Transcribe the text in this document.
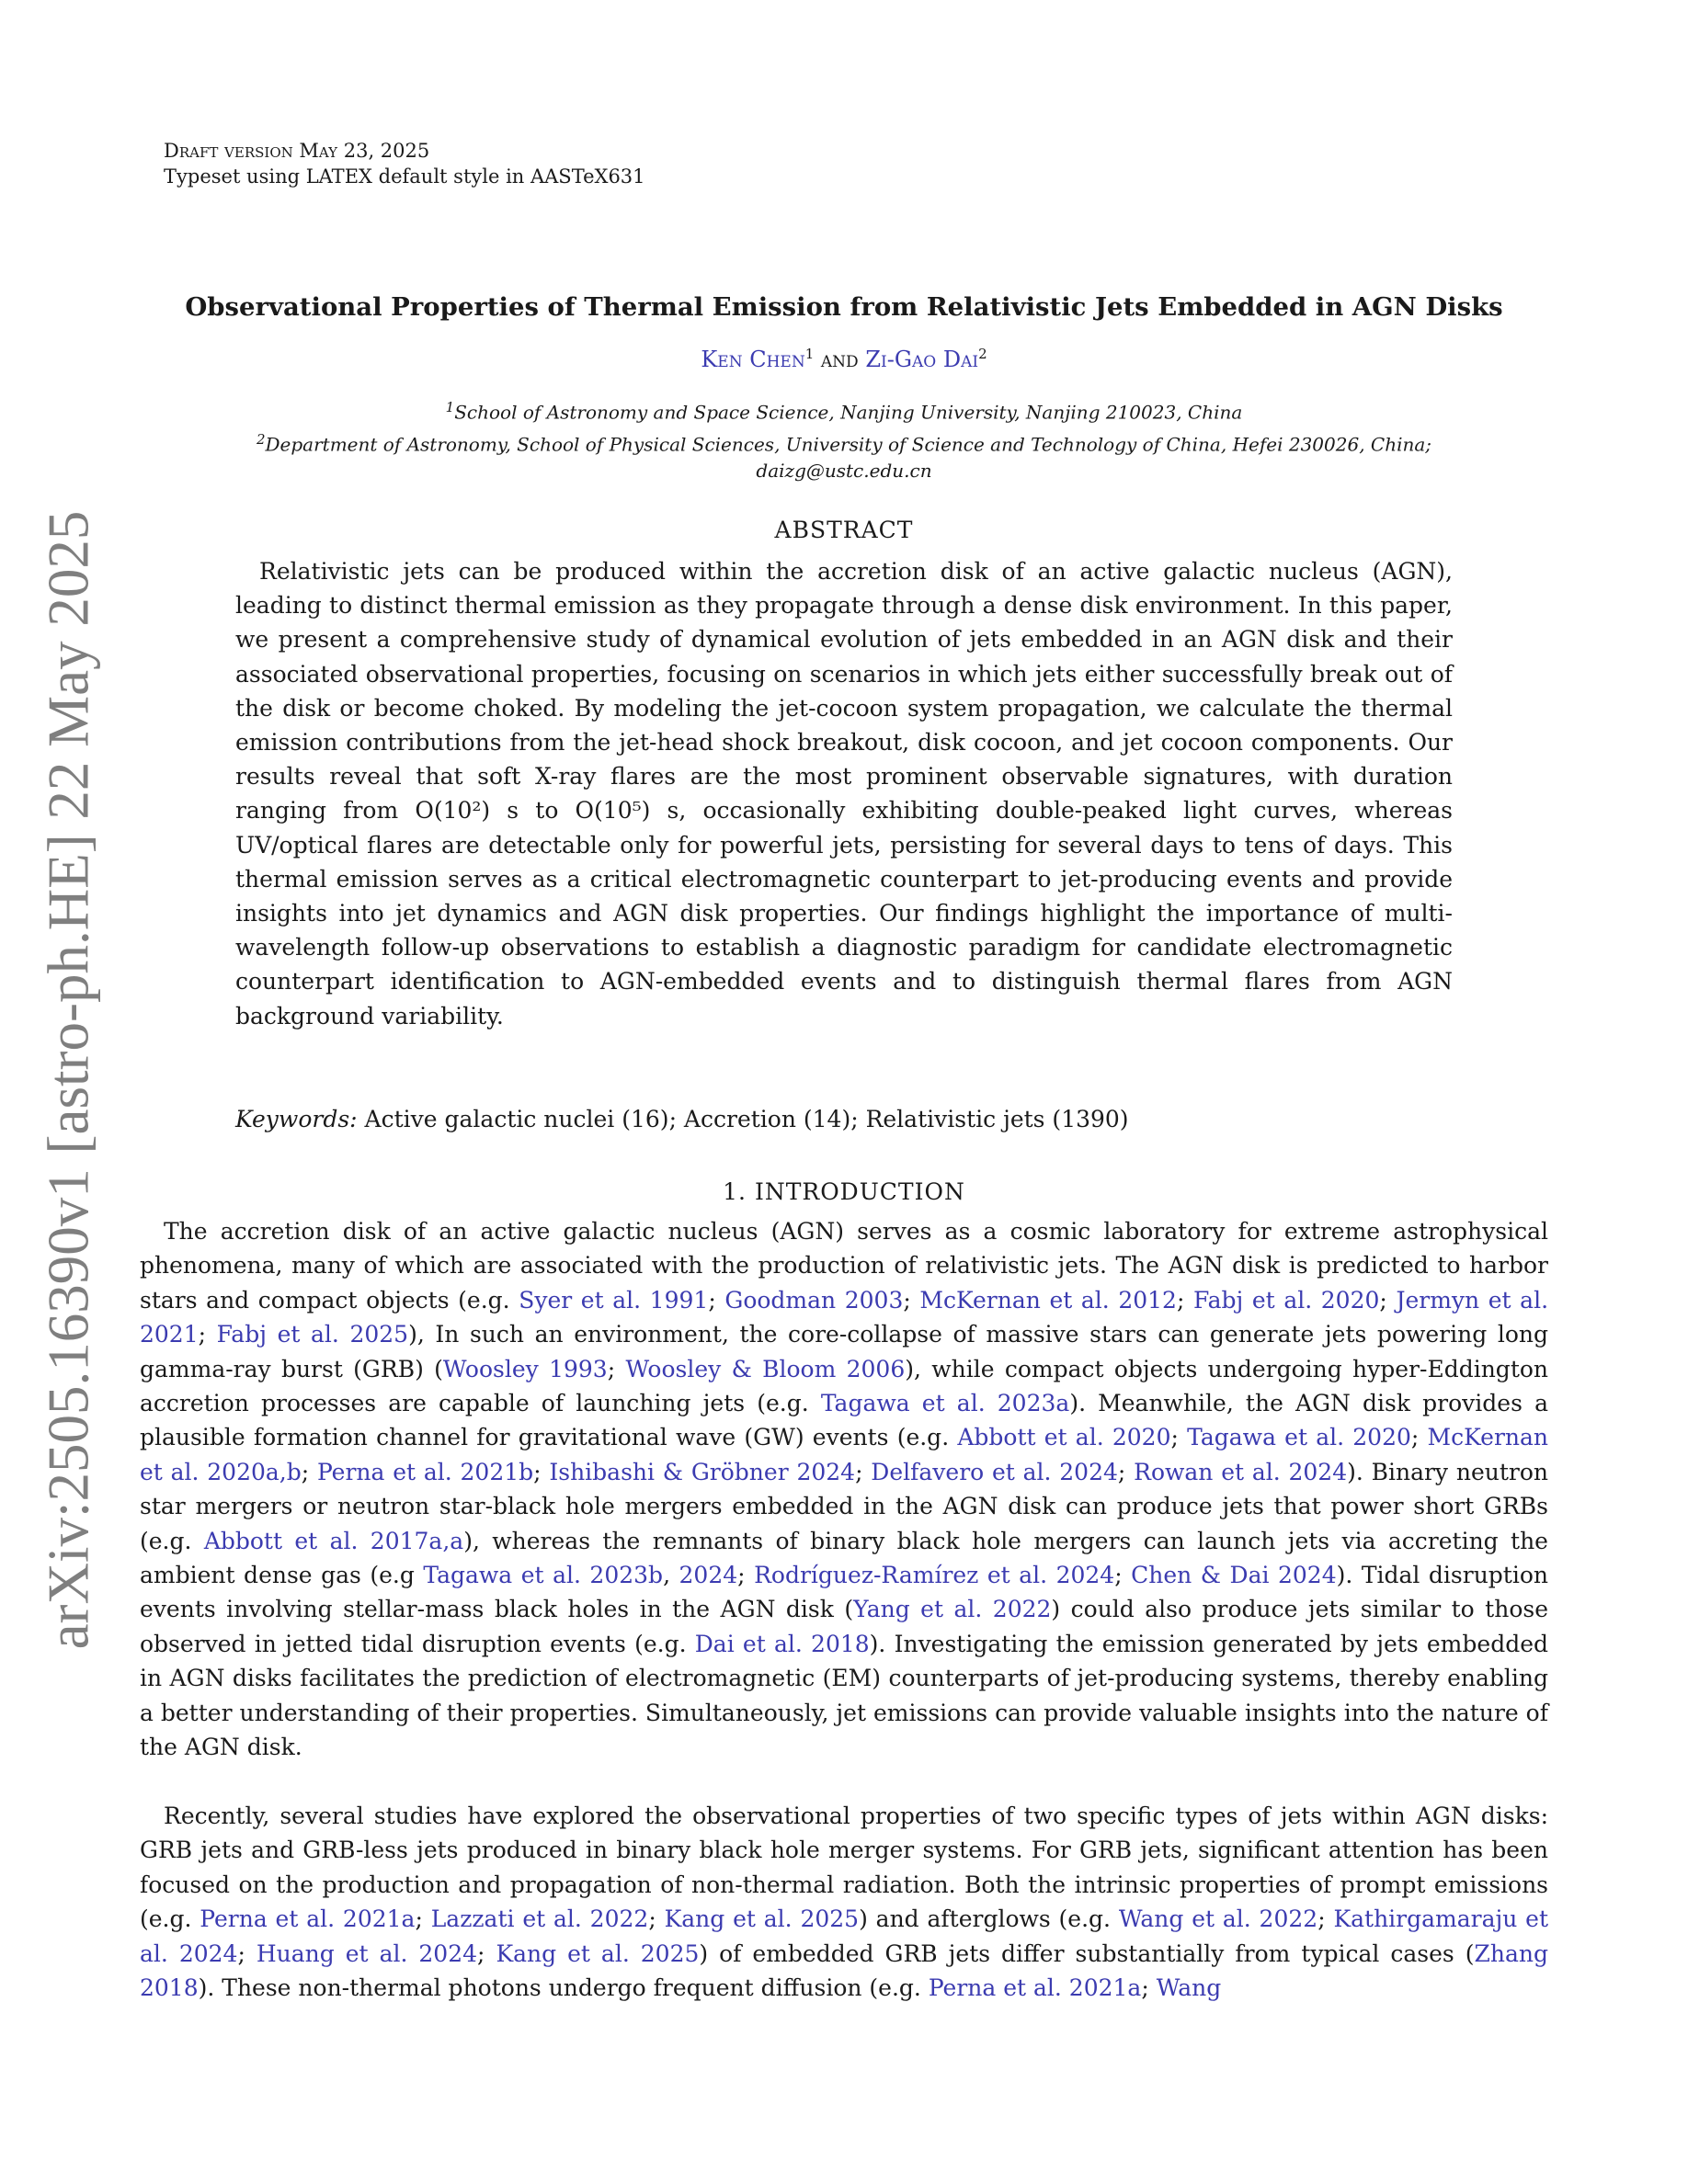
arXiv:2505.16390v1 [astro-ph.HE] 22 May 2025
Draft version May 23, 2025
Typeset using LATEX default style in AASTeX631
Observational Properties of Thermal Emission from Relativistic Jets Embedded in AGN Disks
Ken Chen$^1$ and Zi-Gao Dai$^2$
$^1$School of Astronomy and Space Science, Nanjing University, Nanjing 210023, China
$^2$Department of Astronomy, School of Physical Sciences, University of Science and Technology of China, Hefei 230026, China;
daizg@ustc.edu.cn
ABSTRACT
Relativistic jets can be produced within the accretion disk of an active galactic nucleus (AGN), leading to distinct thermal emission as they propagate through a dense disk environment. In this paper, we present a comprehensive study of dynamical evolution of jets embedded in an AGN disk and their associated observational properties, focusing on scenarios in which jets either successfully break out of the disk or become choked. By modeling the jet-cocoon system propagation, we calculate the thermal emission contributions from the jet-head shock breakout, disk cocoon, and jet cocoon components. Our results reveal that soft X-ray flares are the most prominent observable signatures, with duration ranging from O(10²) s to O(10⁵) s, occasionally exhibiting double-peaked light curves, whereas UV/optical flares are detectable only for powerful jets, persisting for several days to tens of days. This thermal emission serves as a critical electromagnetic counterpart to jet-producing events and provide insights into jet dynamics and AGN disk properties. Our findings highlight the importance of multi-wavelength follow-up observations to establish a diagnostic paradigm for candidate electromagnetic counterpart identification to AGN-embedded events and to distinguish thermal flares from AGN background variability.
Keywords: Active galactic nuclei (16); Accretion (14); Relativistic jets (1390)
1. INTRODUCTION
The accretion disk of an active galactic nucleus (AGN) serves as a cosmic laboratory for extreme astrophysical phenomena, many of which are associated with the production of relativistic jets. The AGN disk is predicted to harbor stars and compact objects (e.g. Syer et al. 1991; Goodman 2003; McKernan et al. 2012; Fabj et al. 2020; Jermyn et al. 2021; Fabj et al. 2025), In such an environment, the core-collapse of massive stars can generate jets powering long gamma-ray burst (GRB) (Woosley 1993; Woosley & Bloom 2006), while compact objects undergoing hyper-Eddington accretion processes are capable of launching jets (e.g. Tagawa et al. 2023a). Meanwhile, the AGN disk provides a plausible formation channel for gravitational wave (GW) events (e.g. Abbott et al. 2020; Tagawa et al. 2020; McKernan et al. 2020a,b; Perna et al. 2021b; Ishibashi & Gröbner 2024; Delfavero et al. 2024; Rowan et al. 2024). Binary neutron star mergers or neutron star-black hole mergers embedded in the AGN disk can produce jets that power short GRBs (e.g. Abbott et al. 2017a,a), whereas the remnants of binary black hole mergers can launch jets via accreting the ambient dense gas (e.g Tagawa et al. 2023b, 2024; Rodríguez-Ramírez et al. 2024; Chen & Dai 2024). Tidal disruption events involving stellar-mass black holes in the AGN disk (Yang et al. 2022) could also produce jets similar to those observed in jetted tidal disruption events (e.g. Dai et al. 2018). Investigating the emission generated by jets embedded in AGN disks facilitates the prediction of electromagnetic (EM) counterparts of jet-producing systems, thereby enabling a better understanding of their properties. Simultaneously, jet emissions can provide valuable insights into the nature of the AGN disk.
Recently, several studies have explored the observational properties of two specific types of jets within AGN disks: GRB jets and GRB-less jets produced in binary black hole merger systems. For GRB jets, significant attention has been focused on the production and propagation of non-thermal radiation. Both the intrinsic properties of prompt emissions (e.g. Perna et al. 2021a; Lazzati et al. 2022; Kang et al. 2025) and afterglows (e.g. Wang et al. 2022; Kathirgamaraju et al. 2024; Huang et al. 2024; Kang et al. 2025) of embedded GRB jets differ substantially from typical cases (Zhang 2018). These non-thermal photons undergo frequent diffusion (e.g. Perna et al. 2021a; Wang
